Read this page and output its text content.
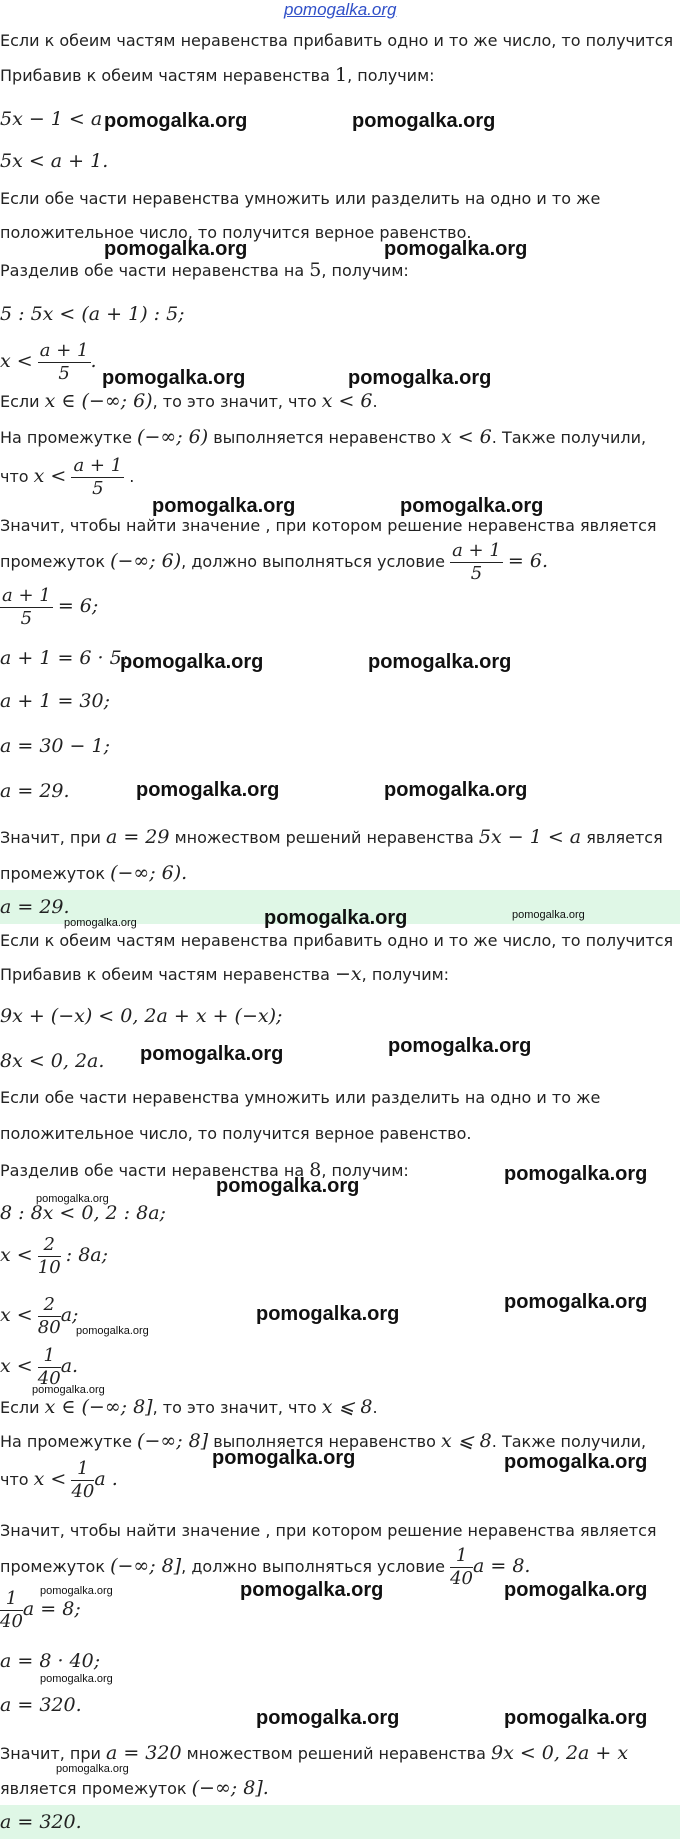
pomogalka.org
Если к обеим частям неравенства прибавить одно и то же число, то получится
Прибавив к обеим частям неравенства 1, получим:
5x − 1 < a
5x < a + 1.
Если обе части неравенства умножить или разделить на одно и то же
положительное число, то получится верное равенство.
Разделив обе части неравенства на 5, получим:
5 : 5x < (a + 1) : 5;
$x < \frac{a + 1}{5}$ .
Если x ∈ (−∞; 6), то это значит, что x < 6.
На промежутке (−∞; 6) выполняется неравенство x < 6. Также получили,
что $x < \frac{a + 1}{5}$ .
Значит, чтобы найти значение , при котором решение неравенства является
промежуток (−∞; 6), должно выполняться условие $\frac{a + 1}{5} = 6$.
$\frac{a + 1}{5} = 6$;
a + 1 = 6 · 5;
a + 1 = 30;
a = 30 − 1;
a = 29.
Значит, при a = 29 множеством решений неравенства 5x − 1 < a является
промежуток (−∞; 6).
a = 29.
Если к обеим частям неравенства прибавить одно и то же число, то получится
Прибавив к обеим частям неравенства −x, получим:
9x + (−x) < 0, 2a + x + (−x);
8x < 0, 2a.
Если обе части неравенства умножить или разделить на одно и то же
положительное число, то получится верное равенство.
Разделив обе части неравенства на 8, получим:
8 : 8x < 0, 2 : 8a;
$x < \frac{2}{10}$ : 8a;
$x < \frac{2}{80} a$;
$x < \frac{1}{40} a$.
Если x ∈ (−∞; 8], то это значит, что x ⩽ 8.
На промежутке (−∞; 8] выполняется неравенство x ⩽ 8. Также получили,
что $x < \frac{1}{40}$ a .
Значит, чтобы найти значение , при котором решение неравенства является
промежуток (−∞; 8], должно выполняться условие $\frac{1}{40}$ a = 8.
$\frac{1}{40}$ a = 8;
a = 8 · 40;
a = 320.
Значит, при a = 320 множеством решений неравенства 9x < 0, 2a + x
является промежуток (−∞; 8].
a = 320.
pomogalka.org	pomogalka.org
pomogalka.org	pomogalka.org
pomogalka.org	pomogalka.org
pomogalka.org	pomogalka.org
pomogalka.org	pomogalka.org
pomogalka.org	pomogalka.org
pomogalka.org	pomogalka.org	pomogalka.org
pomogalka.org
pomogalka.org
pomogalka.org
pomogalka.org
pomogalka.org
pomogalka.org
pomogalka.org
pomogalka.org
pomogalka.org	pomogalka.org
pomogalka.org
pomogalka.org	pomogalka.org	pomogalka.org
pomogalka.org
pomogalka.org	pomogalka.org
pomogalka.org
